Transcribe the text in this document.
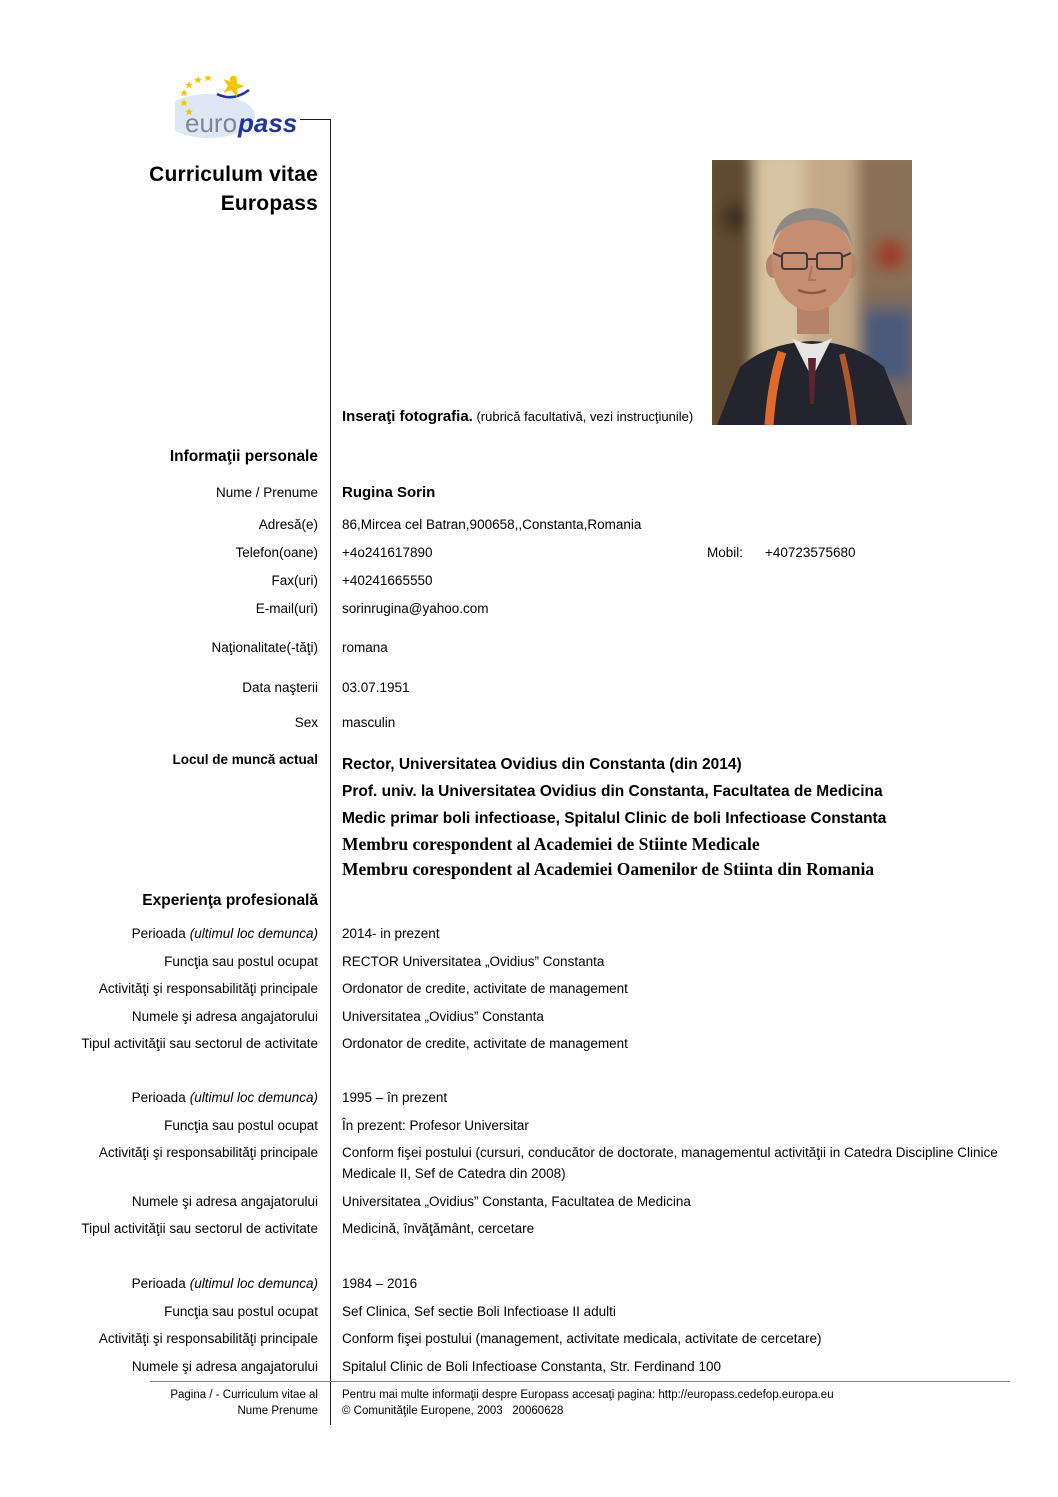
euro pass
Curriculum vitae
Europass
Inseraţi fotografia. (rubrică facultativă, vezi instrucţiunile)
Informaţii personale
Nume / Prenume Rugina Sorin
Adresă(e) 86,Mircea cel Batran,900658,,Constanta,Romania
Telefon(oane) +4o241617890	Mobil:	+40723575680
Fax(uri) +40241665550
E-mail(uri) sorinrugina@yahoo.com
Naţionalitate(-tăţi) romana
Data naşterii 03.07.1951
Sex masculin
Locul de muncă actual Rector, Universitatea Ovidius din Constanta (din 2014)
Prof. univ. la Universitatea Ovidius din Constanta, Facultatea de Medicina
Medic primar boli infectioase, Spitalul Clinic de boli Infectioase Constanta
Membru corespondent al Academiei de Stiinte Medicale
Membru corespondent al Academiei Oamenilor de Stiinta din Romania
Experienţa profesională
Perioada (ultimul loc demunca) 2014- in prezent
Funcţia sau postul ocupat RECTOR Universitatea „Ovidius” Constanta
Activităţi şi responsabilităţi principale Ordonator de credite, activitate de management
Numele şi adresa angajatorului Universitatea „Ovidius” Constanta
Tipul activităţii sau sectorul de activitate Ordonator de credite, activitate de management
Perioada (ultimul loc demunca) 1995 – în prezent
Funcţia sau postul ocupat În prezent: Profesor Universitar
Activităţi şi responsabilităţi principale Conform fişei postului (cursuri, conducător de doctorate, managementul activităţii in Catedra Discipline Clinice Medicale II, Sef de Catedra din 2008)
Numele şi adresa angajatorului Universitatea „Ovidius” Constanta, Facultatea de Medicina
Tipul activităţii sau sectorul de activitate Medicină, învăţământ, cercetare
Perioada (ultimul loc demunca) 1984 – 2016
Funcţia sau postul ocupat Sef Clinica, Sef sectie Boli Infectioase II adulti
Activităţi şi responsabilităţi principale Conform fişei postului (management, activitate medicala, activitate de cercetare)
Numele şi adresa angajatorului Spitalul Clinic de Boli Infectioase Constanta, Str. Ferdinand 100
Pagina / - Curriculum vitae al
Nume Prenume
Pentru mai multe informaţii despre Europass accesaţi pagina: http://europass.cedefop.europa.eu
© Comunităţile Europene, 2003   20060628
